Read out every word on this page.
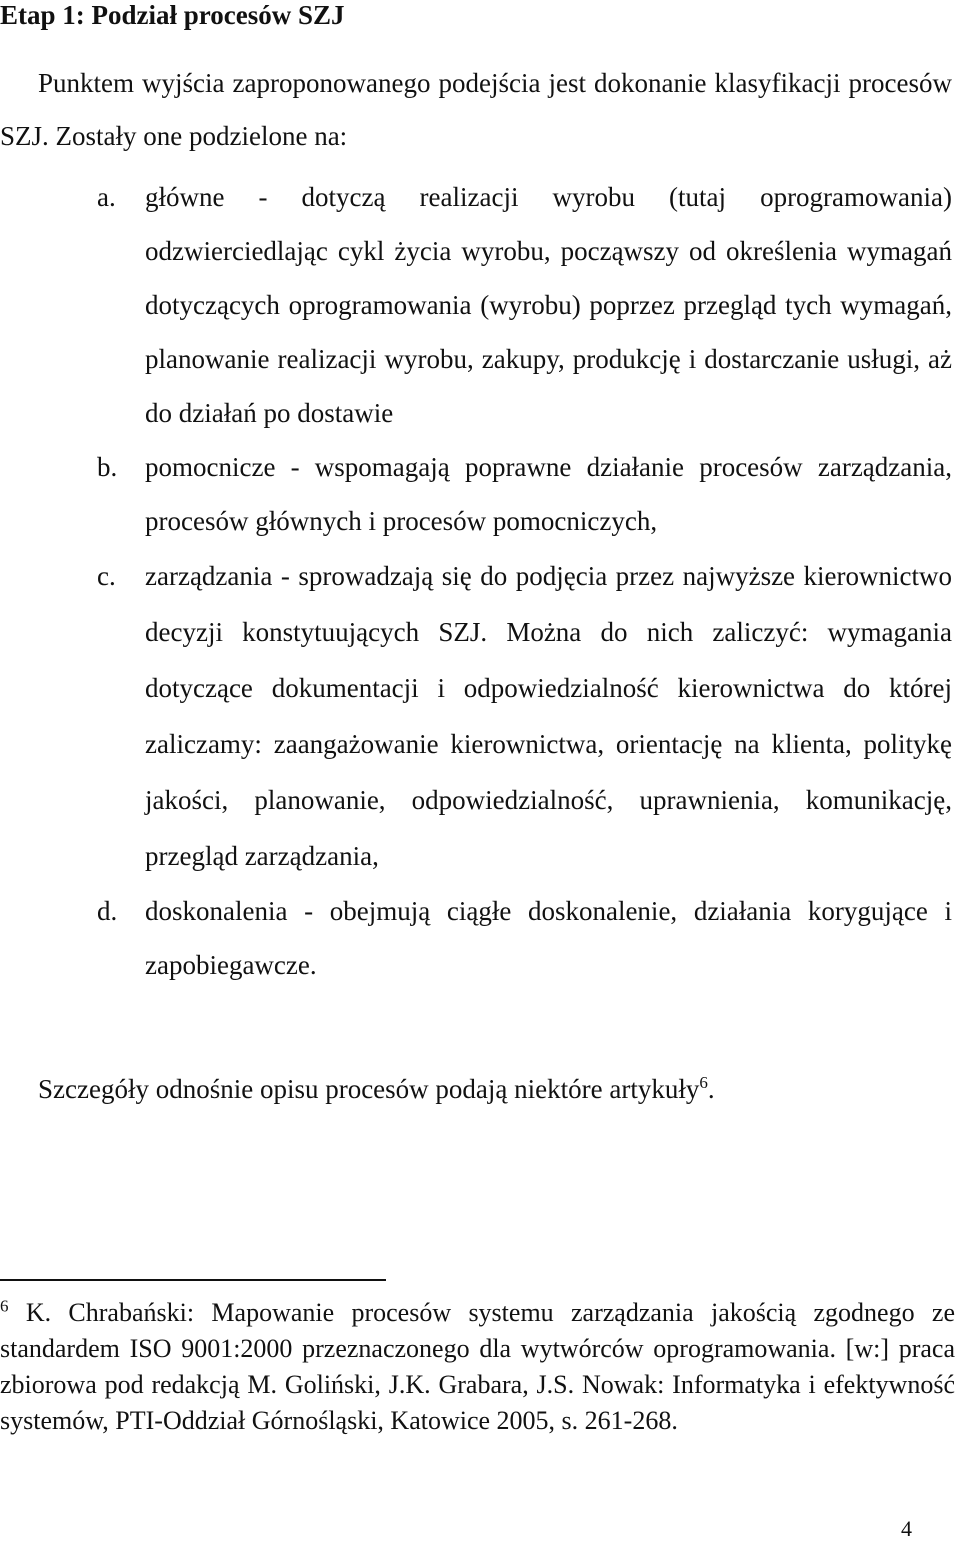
Etap 1: Podział procesów SZJ
Punktem wyjścia zaproponowanego podejścia jest dokonanie klasyfikacji procesów SZJ. Zostały one podzielone na:
a. główne - dotyczą realizacji wyrobu (tutaj oprogramowania) odzwierciedlając cykl życia wyrobu, począwszy od określenia wymagań dotyczących oprogramowania (wyrobu) poprzez przegląd tych wymagań, planowanie realizacji wyrobu, zakupy, produkcję i dostarczanie usługi, aż do działań po dostawie
b. pomocnicze - wspomagają poprawne działanie procesów zarządzania, procesów głównych i procesów pomocniczych,
c. zarządzania - sprowadzają się do podjęcia przez najwyższe kierownictwo decyzji konstytuujących SZJ. Można do nich zaliczyć: wymagania dotyczące dokumentacji i odpowiedzialność kierownictwa do której zaliczamy: zaangażowanie kierownictwa, orientację na klienta, politykę jakości, planowanie, odpowiedzialność, uprawnienia, komunikację, przegląd zarządzania,
d. doskonalenia - obejmują ciągłe doskonalenie, działania korygujące i zapobiegawcze.
Szczegóły odnośnie opisu procesów podają niektóre artykuły$^6$.
$^6$ K. Chrabański: Mapowanie procesów systemu zarządzania jakością zgodnego ze standardem ISO 9001:2000 przeznaczonego dla wytwórców oprogramowania. [w:] praca zbiorowa pod redakcją M. Goliński, J.K. Grabara, J.S. Nowak: Informatyka i efektywność systemów, PTI-Oddział Górnośląski, Katowice 2005, s. 261-268.
4
